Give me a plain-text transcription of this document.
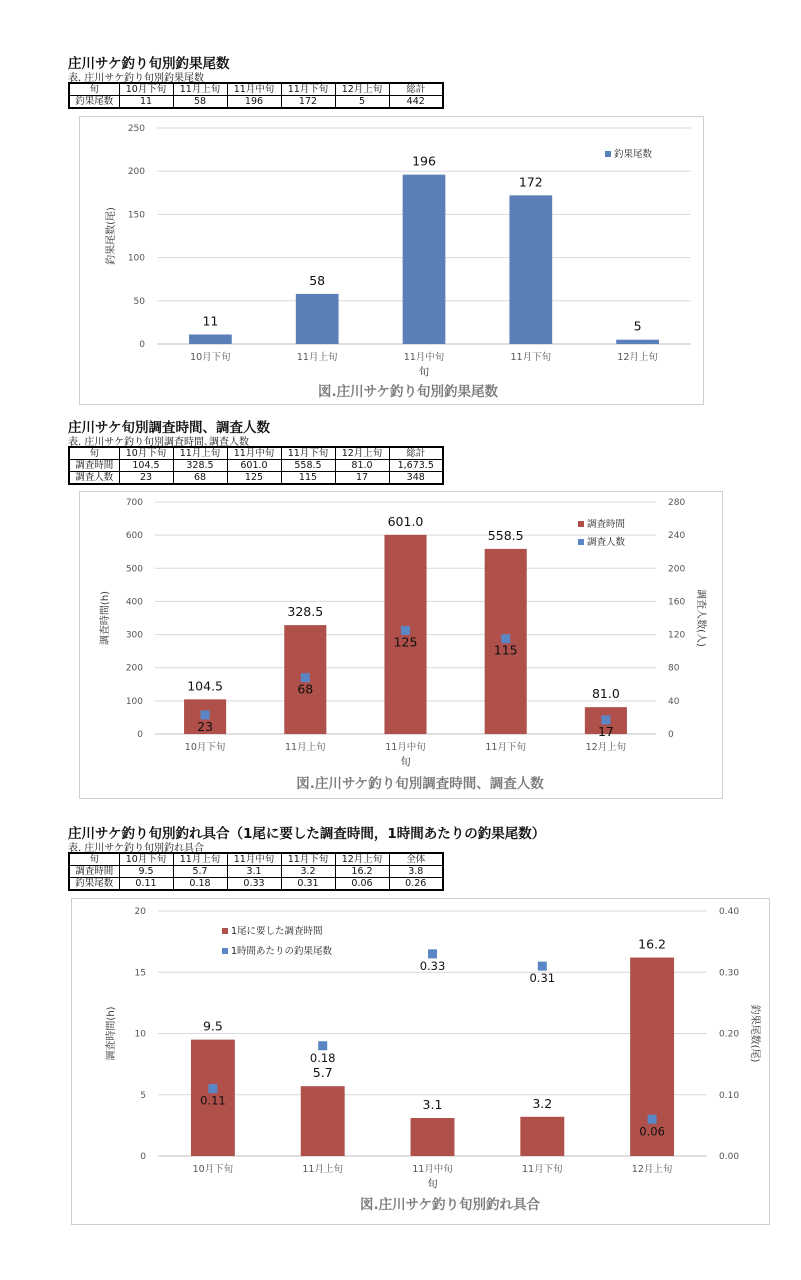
庄川サケ釣り旬別釣果尾数
表. 庄川サケ釣り旬別釣果尾数
旬	10月下旬	11月上旬	11月中旬	11月下旬	12月上旬	総計
釣果尾数	11	58	196	172	5	442
0
50
100
150
200
250
10月下旬	11月上旬	11月中旬	11月下旬	12月上旬
11
58
196
172
5
旬
釣果尾数(尾)
図.庄川サケ釣り旬別釣果尾数
釣果尾数
庄川サケ旬別調査時間、調査人数
表. 庄川サケ釣り旬別調査時間､調査人数
旬	10月下旬	11月上旬	11月中旬	11月下旬	12月上旬	総計
調査時間	104.5	328.5	601.0	558.5	81.0	1,673.5
調査人数	23	68	125	115	17	348
0
100
200
300
400
500
600
700
0
40
80
120
160
200
240
280
10月下旬	11月上旬	11月中旬	11月下旬	12月上旬
104.5
328.5
601.0
558.5
81.0
23
68
125
115
17
旬
調査時間(h)	調査人数(人)
図.庄川サケ釣り旬別調査時間、調査人数
調査時間
調査人数
庄川サケ釣り旬別釣れ具合（1尾に要した調査時間，1時間あたりの釣果尾数）
表. 庄川サケ釣り旬別釣れ具合
旬	10月下旬	11月上旬	11月中旬	11月下旬	12月上旬	全体
調査時間	9.5	5.7	3.1	3.2	16.2	3.8
釣果尾数	0.11	0.18	0.33	0.31	0.06	0.26
0
5
10
15
20
0.00
0.10
0.20
0.30
0.40
10月下旬	11月上旬	11月中旬	11月下旬	12月上旬
9.5
5.7
3.1	3.2
16.2
0.11
0.18
0.33
0.31
0.06
旬
調査時間(h)	釣果尾数(尾)
図.庄川サケ釣り旬別釣れ具合
1尾に要した調査時間
1時間あたりの釣果尾数
